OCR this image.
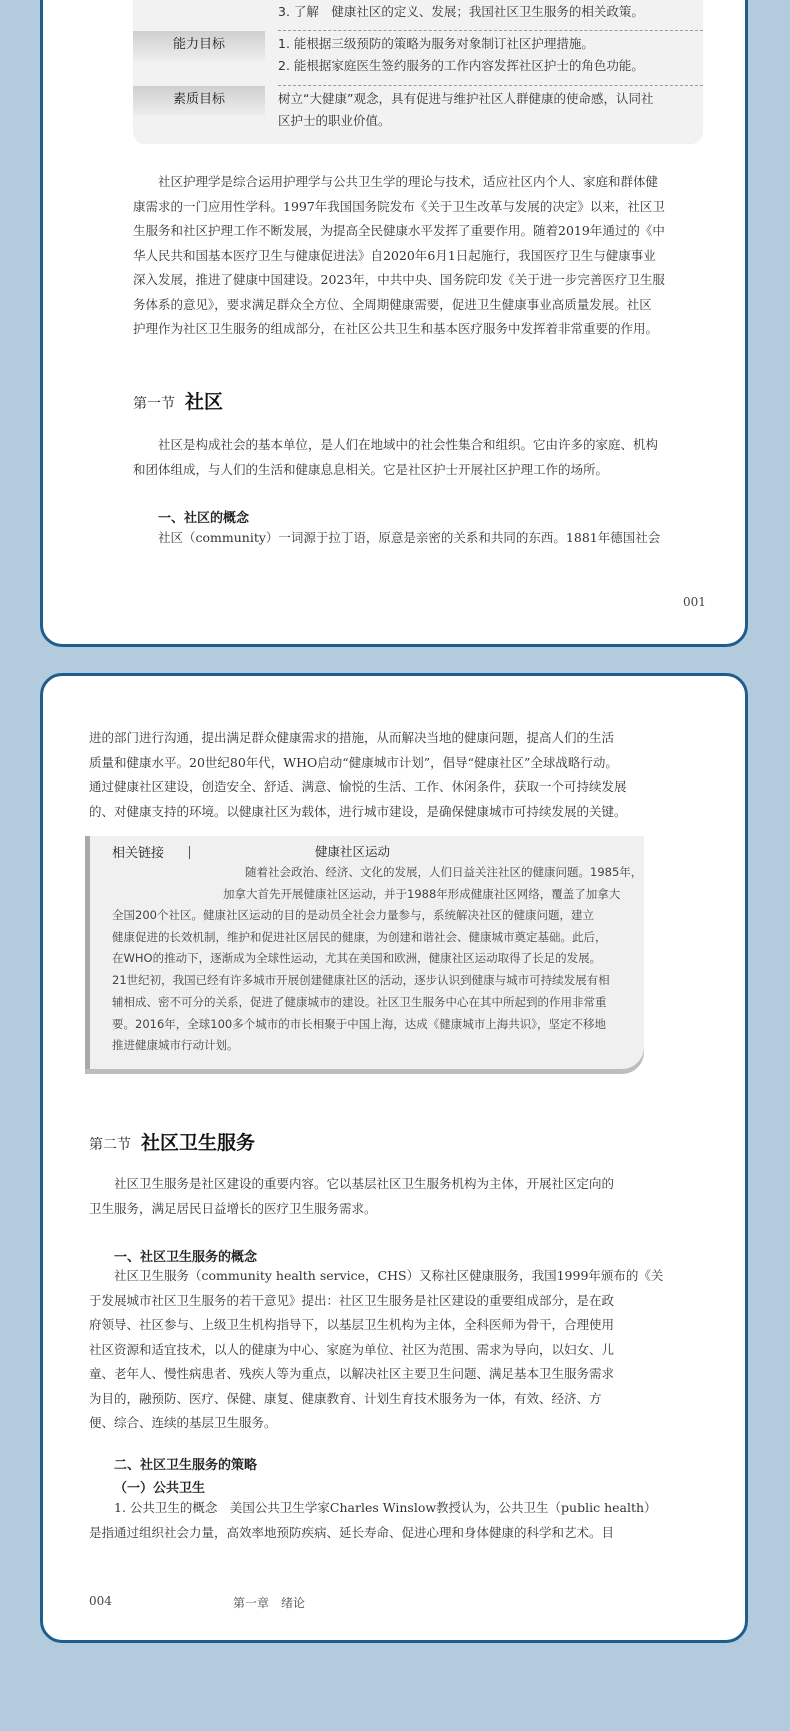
3. 了解　健康社区的定义、发展；我国社区卫生服务的相关政策。
能力目标	1. 能根据三级预防的策略为服务对象制订社区护理措施。
2. 能根据家庭医生签约服务的工作内容发挥社区护士的角色功能。
素质目标	树立“大健康”观念，具有促进与维护社区人群健康的使命感，认同社
区护士的职业价值。

社区护理学是综合运用护理学与公共卫生学的理论与技术，适应社区内个人、家庭和群体健
康需求的一门应用性学科。1997年我国国务院发布《关于卫生改革与发展的决定》以来，社区卫
生服务和社区护理工作不断发展，为提高全民健康水平发挥了重要作用。随着2019年通过的《中
华人民共和国基本医疗卫生与健康促进法》自2020年6月1日起施行，我国医疗卫生与健康事业
深入发展，推进了健康中国建设。2023年，中共中央、国务院印发《关于进一步完善医疗卫生服
务体系的意见》，要求满足群众全方位、全周期健康需要，促进卫生健康事业高质量发展。社区
护理作为社区卫生服务的组成部分，在社区公共卫生和基本医疗服务中发挥着非常重要的作用。

第一节 社区

社区是构成社会的基本单位，是人们在地域中的社会性集合和组织。它由许多的家庭、机构
和团体组成，与人们的生活和健康息息相关。它是社区护士开展社区护理工作的场所。

一、社区的概念

社区（community）一词源于拉丁语，原意是亲密的关系和共同的东西。1881年德国社会

001

进的部门进行沟通，提出满足群众健康需求的措施，从而解决当地的健康问题，提高人们的生活
质量和健康水平。20世纪80年代，WHO启动“健康城市计划”，倡导“健康社区”全球战略行动。
通过健康社区建设，创造安全、舒适、满意、愉悦的生活、工作、休闲条件，获取一个可持续发展
的、对健康支持的环境。以健康社区为载体，进行城市建设，是确保健康城市可持续发展的关键。

相关链接	健康社区运动

随着社会政治、经济、文化的发展，人们日益关注社区的健康问题。1985年，
加拿大首先开展健康社区运动，并于1988年形成健康社区网络，覆盖了加拿大

全国200个社区。健康社区运动的目的是动员全社会力量参与，系统解决社区的健康问题，建立
健康促进的长效机制，维护和促进社区居民的健康，为创建和谐社会、健康城市奠定基础。此后，
在WHO的推动下，逐渐成为全球性运动，尤其在美国和欧洲，健康社区运动取得了长足的发展。
21世纪初，我国已经有许多城市开展创建健康社区的活动，逐步认识到健康与城市可持续发展有相
辅相成、密不可分的关系，促进了健康城市的建设。社区卫生服务中心在其中所起到的作用非常重
要。2016年，全球100多个城市的市长相聚于中国上海，达成《健康城市上海共识》，坚定不移地
推进健康城市行动计划。

第二节 社区卫生服务

社区卫生服务是社区建设的重要内容。它以基层社区卫生服务机构为主体，开展社区定向的
卫生服务，满足居民日益增长的医疗卫生服务需求。

一、社区卫生服务的概念

社区卫生服务（community health service，CHS）又称社区健康服务，我国1999年颁布的《关
于发展城市社区卫生服务的若干意见》提出：社区卫生服务是社区建设的重要组成部分，是在政
府领导、社区参与、上级卫生机构指导下，以基层卫生机构为主体，全科医师为骨干，合理使用
社区资源和适宜技术，以人的健康为中心、家庭为单位、社区为范围、需求为导向，以妇女、儿
童、老年人、慢性病患者、残疾人等为重点，以解决社区主要卫生问题、满足基本卫生服务需求
为目的，融预防、医疗、保健、康复、健康教育、计划生育技术服务为一体，有效、经济、方
便、综合、连续的基层卫生服务。

二、社区卫生服务的策略
（一）公共卫生

1. 公共卫生的概念　美国公共卫生学家Charles Winslow教授认为，公共卫生（public health）
是指通过组织社会力量，高效率地预防疾病、延长寿命、促进心理和身体健康的科学和艺术。目

004	第一章　绪论
